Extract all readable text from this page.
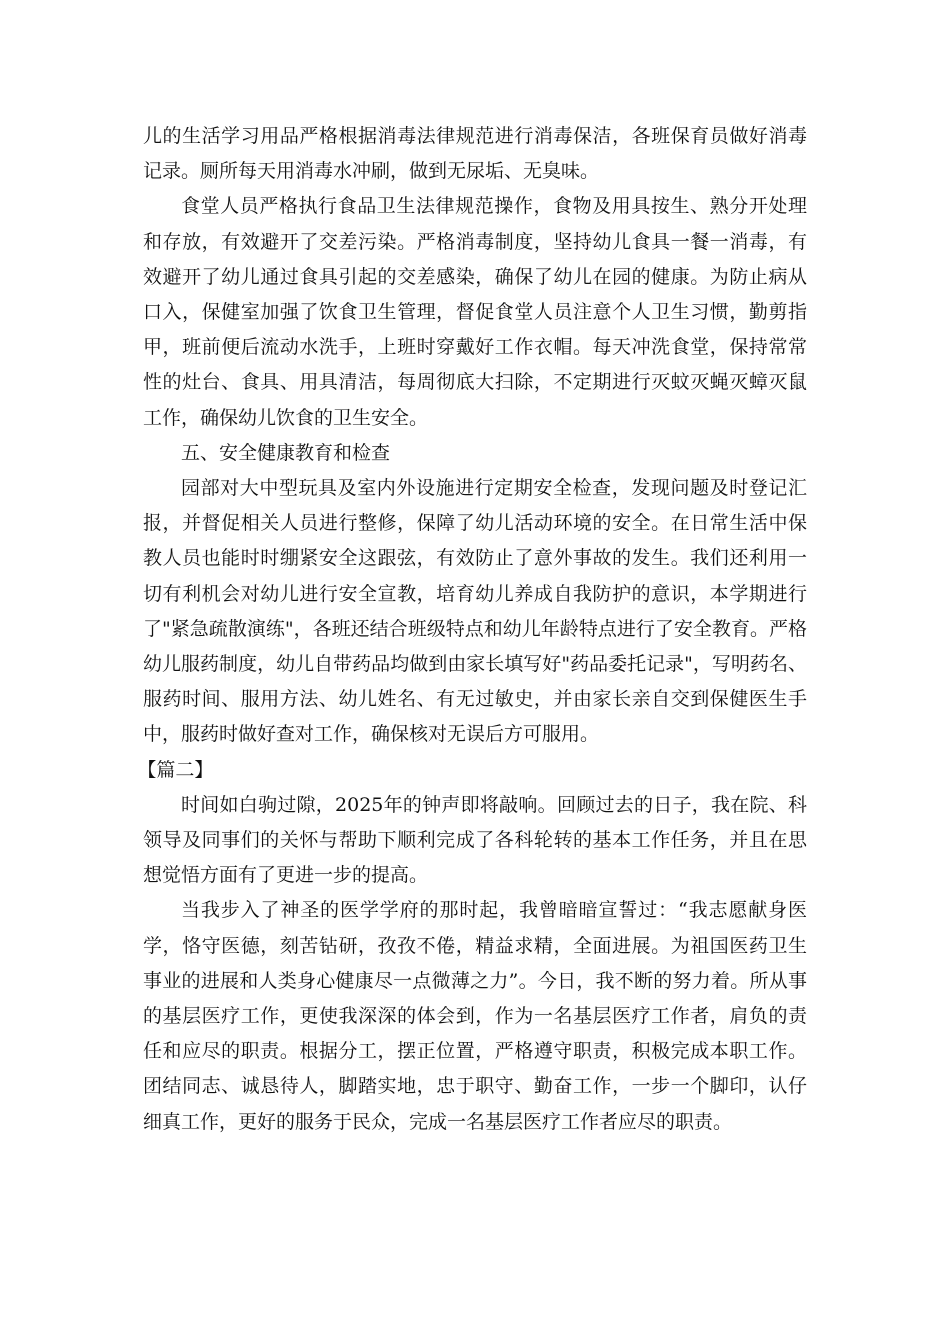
儿的生活学习用品严格根据消毒法律规范进行消毒保洁，各班保育员做好消毒记录。厕所每天用消毒水冲刷，做到无尿垢、无臭味。

食堂人员严格执行食品卫生法律规范操作，食物及用具按生、熟分开处理和存放，有效避开了交差污染。严格消毒制度，坚持幼儿食具一餐一消毒，有效避开了幼儿通过食具引起的交差感染，确保了幼儿在园的健康。为防止病从口入，保健室加强了饮食卫生管理，督促食堂人员注意个人卫生习惯，勤剪指甲，班前便后流动水洗手，上班时穿戴好工作衣帽。每天冲洗食堂，保持常常性的灶台、食具、用具清洁，每周彻底大扫除，不定期进行灭蚊灭蝇灭蟑灭鼠工作，确保幼儿饮食的卫生安全。

五、安全健康教育和检查

园部对大中型玩具及室内外设施进行定期安全检查，发现问题及时登记汇报，并督促相关人员进行整修，保障了幼儿活动环境的安全。在日常生活中保教人员也能时时绷紧安全这跟弦，有效防止了意外事故的发生。我们还利用一切有利机会对幼儿进行安全宣教，培育幼儿养成自我防护的意识，本学期进行了"紧急疏散演练"，各班还结合班级特点和幼儿年龄特点进行了安全教育。严格幼儿服药制度，幼儿自带药品均做到由家长填写好"药品委托记录"，写明药名、服药时间、服用方法、幼儿姓名、有无过敏史，并由家长亲自交到保健医生手中，服药时做好查对工作，确保核对无误后方可服用。

【篇二】

时间如白驹过隙，2025年的钟声即将敲响。回顾过去的日子，我在院、科领导及同事们的关怀与帮助下顺利完成了各科轮转的基本工作任务，并且在思想觉悟方面有了更进一步的提高。

当我步入了神圣的医学学府的那时起，我曾暗暗宣誓过：“我志愿献身医学，恪守医德，刻苦钻研，孜孜不倦，精益求精，全面进展。为祖国医药卫生事业的进展和人类身心健康尽一点微薄之力”。今日，我不断的努力着。所从事的基层医疗工作，更使我深深的体会到，作为一名基层医疗工作者，肩负的责任和应尽的职责。根据分工，摆正位置，严格遵守职责，积极完成本职工作。团结同志、诚恳待人，脚踏实地，忠于职守、勤奋工作，一步一个脚印，认仔细真工作，更好的服务于民众，完成一名基层医疗工作者应尽的职责。
